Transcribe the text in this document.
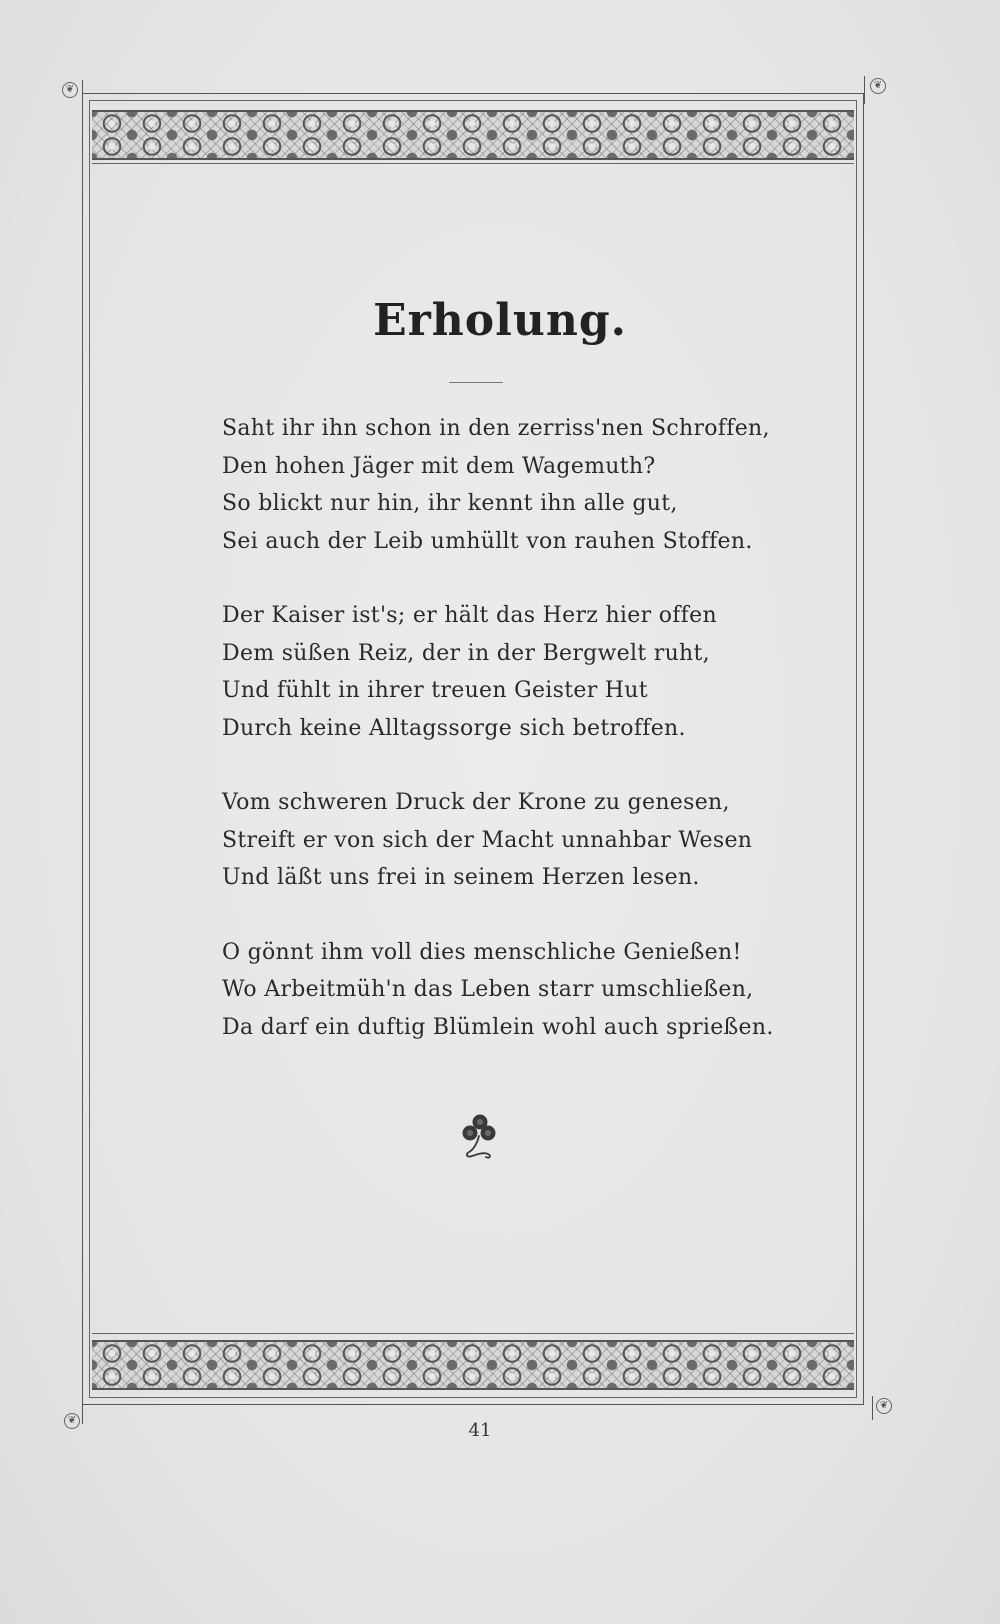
❦	❦
❦
❦
Erholung.
Saht ihr ihn schon in den zerriss'nen Schroffen,
Den hohen Jäger mit dem Wagemuth?
So blickt nur hin, ihr kennt ihn alle gut,
Sei auch der Leib umhüllt von rauhen Stoffen.
Der Kaiser ist's; er hält das Herz hier offen
Dem süßen Reiz, der in der Bergwelt ruht,
Und fühlt in ihrer treuen Geister Hut
Durch keine Alltagssorge sich betroffen.
Vom schweren Druck der Krone zu genesen,
Streift er von sich der Macht unnahbar Wesen
Und läßt uns frei in seinem Herzen lesen.
O gönnt ihm voll dies menschliche Genießen!
Wo Arbeitmüh'n das Leben starr umschließen,
Da darf ein duftig Blümlein wohl auch sprießen.
41
